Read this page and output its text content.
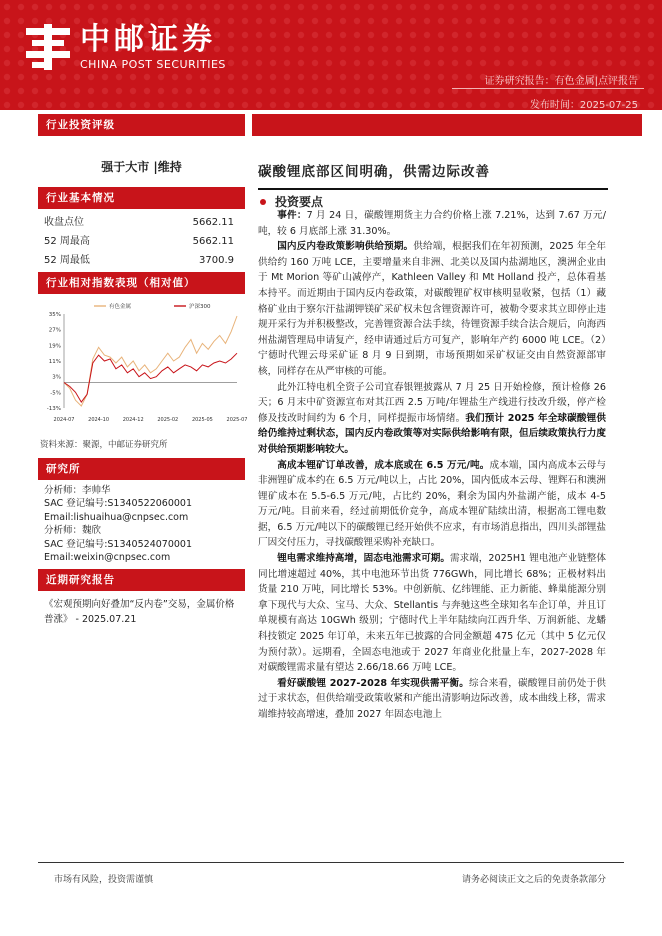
中邮证券
CHINA POST SECURITIES
证券研究报告：有色金属|点评报告
发布时间：2025-07-25
行业投资评级
强于大市 |维持
行业基本情况
收盘点位	5662.11
52 周最高	5662.11
52 周最低	3700.9
行业相对指数表现（相对值）
-13%
-5%
3%
11%
19%
27%
35%
2024-07	2024-10	2024-12	2025-02	2025-05	2025-07
有色金属	沪深300
资料来源：聚源，中邮证券研究所
研究所
分析师：李帅华
SAC 登记编号:S1340522060001
Email:lishuaihua@cnpsec.com
分析师：魏欣
SAC 登记编号:S1340524070001
Email:weixin@cnpsec.com
近期研究报告
《宏观预期向好叠加“反内卷”交易，金属价格普涨》 - 2025.07.21
碳酸锂底部区间明确，供需边际改善
投资要点

事件：7 月 24 日，碳酸锂期货主力合约价格上涨 7.21%，达到 7.67 万元/吨，较 6 月底部上涨 31.30%。

国内反内卷政策影响供给预期。供给端，根据我们在年初预测，2025 年全年供给约 160 万吨 LCE，主要增量来自非洲、北美以及国内盐湖地区，澳洲企业由于 Mt Morion 等矿山减停产，Kathleen Valley 和 Mt Holland 投产，总体看基本持平。而近期由于国内反内卷政策，对碳酸锂矿权审核明显收紧，包括（1）藏格矿业由于察尔汗盐湖钾镁矿采矿权未包含锂资源许可，被勒令要求其立即停止违规开采行为并积极整改，完善锂资源合法手续，待锂资源手续合法合规后，向海西州盐湖管理局申请复产，经申请通过后方可复产，影响年产约 6000 吨 LCE。（2）宁德时代锂云母采矿证 8 月 9 日到期，市场预期如采矿权证交由自然资源部审核，同样存在从严审核的可能。

此外江特电机全资子公司宜春银锂披露从 7 月 25 日开始检修，预计检修 26 天；6 月末中矿资源宣布对其江西 2.5 万吨/年锂盐生产线进行技改升级，停产检修及技改时间约为 6 个月，同样提振市场情绪。我们预计 2025 年全球碳酸锂供给仍维持过剩状态，国内反内卷政策等对实际供给影响有限，但后续政策执行力度对供给预期影响较大。

高成本锂矿订单改善，成本底或在 6.5 万元/吨。成本端，国内高成本云母与非洲锂矿成本约在 6.5 万元/吨以上，占比 20%，国内低成本云母、锂辉石和澳洲锂矿成本在 5.5-6.5 万元/吨，占比约 20%，剩余为国内外盐湖产能，成本 4-5 万元/吨。目前来看，经过前期低价竞争，高成本锂矿陆续出清，根据高工锂电数据，6.5 万元/吨以下的碳酸锂已经开始供不应求，有市场消息指出，四川头部锂盐厂因交付压力，寻找碳酸锂采购补充缺口。

锂电需求维持高增，固态电池需求可期。需求端，2025H1 锂电池产业链整体同比增速超过 40%，其中电池环节出货 776GWh，同比增长 68%；正极材料出货量 210 万吨，同比增长 53%。中创新航、亿纬锂能、正力新能、蜂巢能源分别拿下现代与大众、宝马、大众、Stellantis 与奔驰这些全球知名车企订单，并且订单规模有高达 10GWh 级别；宁德时代上半年陆续向江西升华、万润新能、龙蟠科技锁定 2025 年订单，未来五年已披露的合同金额超 475 亿元（其中 5 亿元仅为预付款）。远期看，全固态电池或于 2027 年商业化批量上车，2027-2028 年对碳酸锂需求量有望达 2.66/18.66 万吨 LCE。

看好碳酸锂 2027-2028 年实现供需平衡。综合来看，碳酸锂目前仍处于供过于求状态，但供给端受政策收紧和产能出清影响边际改善，成本曲线上移，需求端维持较高增速，叠加 2027 年固态电池上

市场有风险，投资需谨慎	请务必阅读正文之后的免责条款部分
